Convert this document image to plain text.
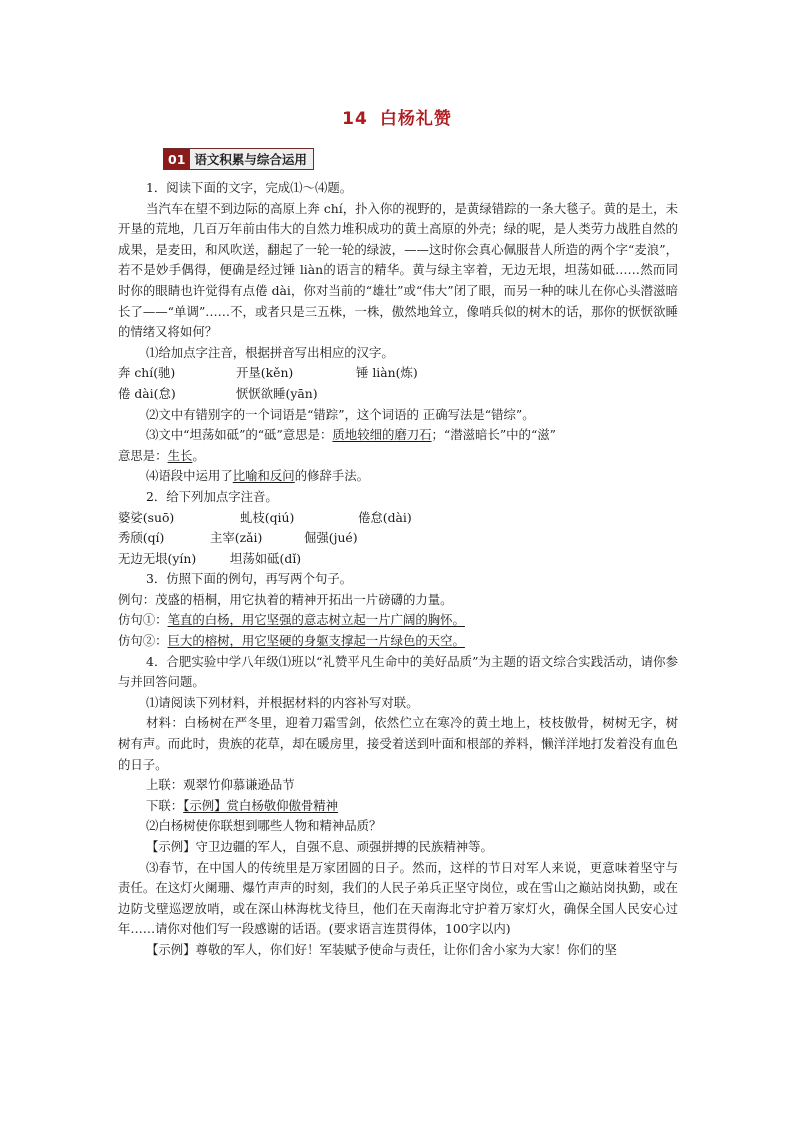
14 白杨礼赞
01 语文积累与综合运用

1．阅读下面的文字，完成⑴～⑷题。

当汽车在望不到边际的高原上奔 chí，扑入你的视野的，是黄绿错踪的一条大毯子。黄的是土，未开垦的荒地，几百万年前由伟大的自然力堆积成功的黄土高原的外壳；绿的呢，是人类劳力战胜自然的成果，是麦田，和风吹送，翻起了一轮一轮的绿波，——这时你会真心佩服昔人所造的两个字“麦浪”，若不是妙手偶得，便确是经过锤 liàn的语言的精华。黄与绿主宰着，无边无垠，坦荡如砥……然而同时你的眼睛也许觉得有点倦 dài，你对当前的“雄壮”或“伟大”闭了眼，而另一种的味儿在你心头潜滋暗长了——“单调”……不，或者只是三五株，一株，傲然地耸立，像哨兵似的树木的话，那你的恹恹欲睡的情绪又将如何？

⑴给加点字注音，根据拼音写出相应的汉字。

奔 chí(驰)	开垦(kěn)	锤 liàn(炼)
倦 dài(怠)	恹恹欲睡(yān)

⑵文中有错别字的一个词语是“错踪”，这个词语的 正确写法是“错综”。

⑶文中“坦荡如砥”的“砥”意思是：质地较细的磨刀石；“潜滋暗长”中的“滋”

意思是：生长。

⑷语段中运用了比喻和反问的修辞手法。

2．给下列加点字注音。

婆娑(suō)	虬枝(qiú)	倦怠(dài)
秀颀(qí)	主宰(zǎi)	倔强(jué)
无边无垠(yín)	坦荡如砥(dǐ)

3．仿照下面的例句，再写两个句子。

例句：茂盛的梧桐，用它执着的精神开拓出一片磅礴的力量。

仿句①：笔直的白杨，用它坚强的意志树立起一片广阔的胸怀。

仿句②：巨大的榕树，用它坚硬的身躯支撑起一片绿色的天空。

4．合肥实验中学八年级⑴班以“礼赞平凡生命中的美好品质”为主题的语文综合实践活动，请你参与并回答问题。

⑴请阅读下列材料，并根据材料的内容补写对联。

材料：白杨树在严冬里，迎着刀霜雪剑，依然伫立在寒冷的黄土地上，枝枝傲骨，树树无字，树树有声。而此时，贵族的花草，却在暖房里，接受着送到叶面和根部的养料，懒洋洋地打发着没有血色的日子。

上联：观翠竹仰慕谦逊品节

下联：【示例】赏白杨敬仰傲骨精神

⑵白杨树使你联想到哪些人物和精神品质？

【示例】守卫边疆的军人，自强不息、顽强拼搏的民族精神等。

⑶春节，在中国人的传统里是万家团圆的日子。然而，这样的节日对军人来说，更意味着坚守与责任。在这灯火阑珊、爆竹声声的时刻，我们的人民子弟兵正坚守岗位，或在雪山之巅站岗执勤，或在边防戈壁巡逻放哨，或在深山林海枕戈待旦，他们在天南海北守护着万家灯火，确保全国人民安心过年……请你对他们写一段感谢的话语。(要求语言连贯得体，100字以内)

【示例】尊敬的军人，你们好！军装赋予使命与责任，让你们舍小家为大家！你们的坚
